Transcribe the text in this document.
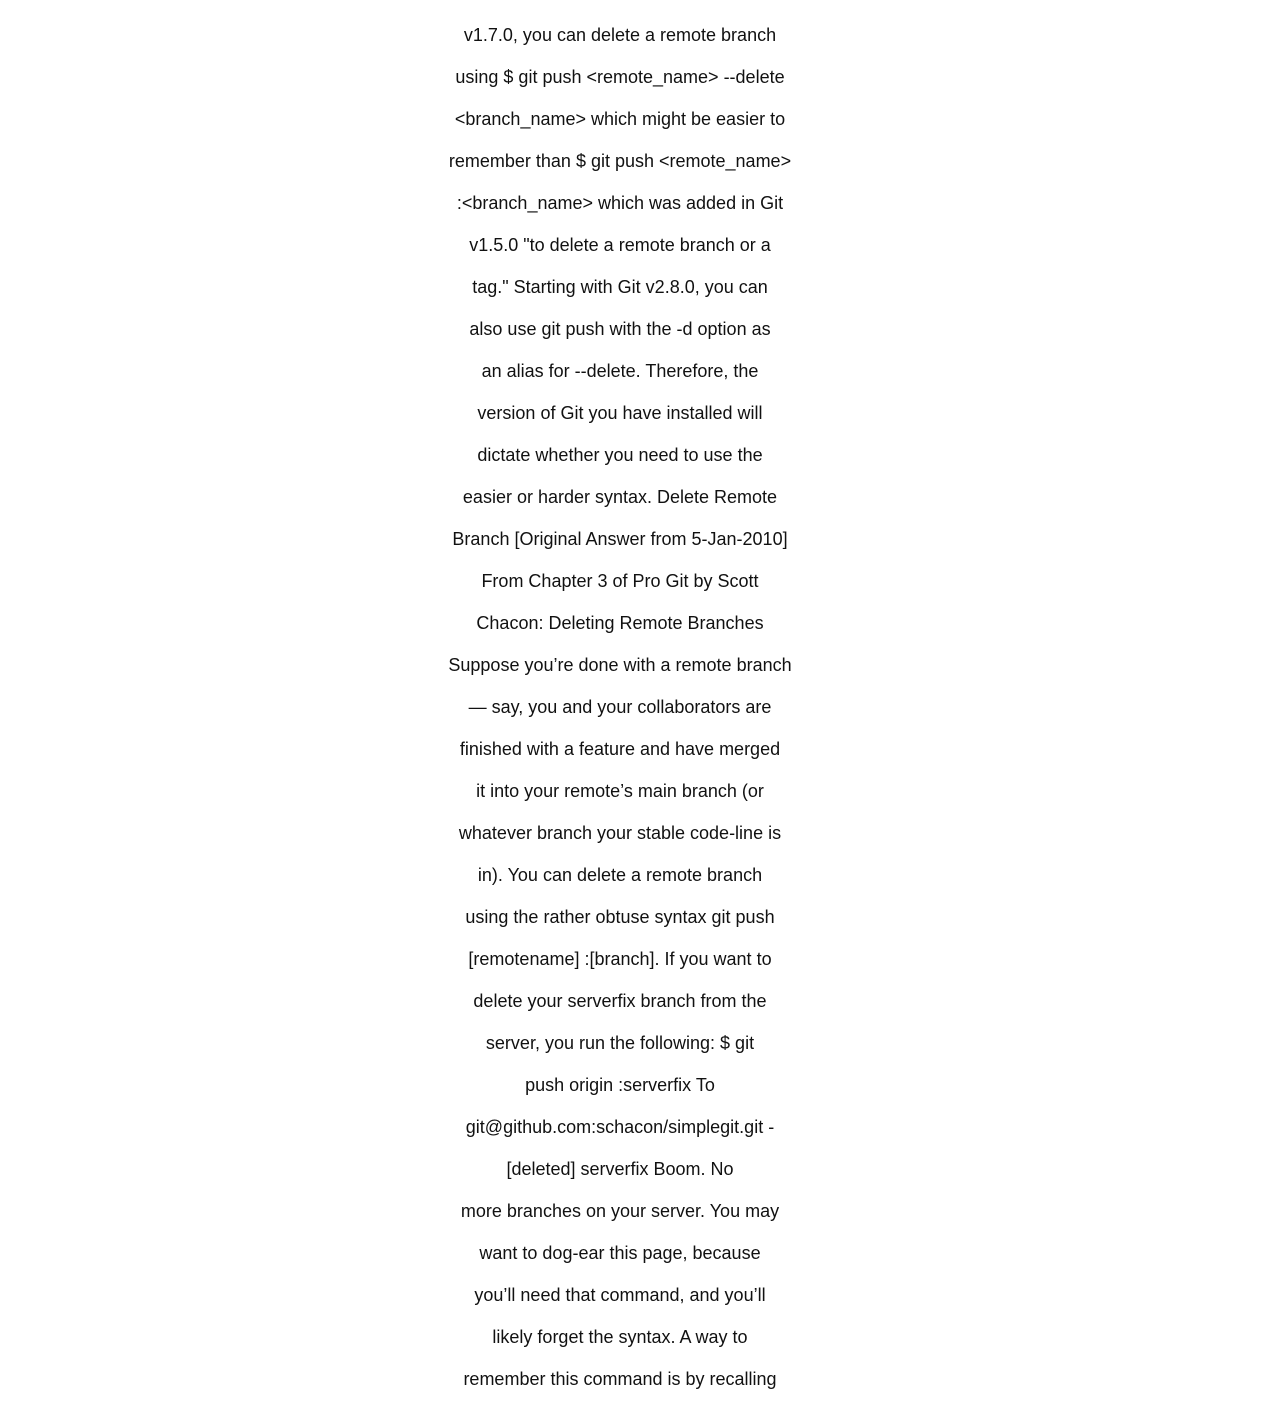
v1.7.0, you can delete a remote branch

using $ git push <remote_name> --delete

<branch_name> which might be easier to

remember than $ git push <remote_name>

:<branch_name> which was added in Git

v1.5.0 "to delete a remote branch or a

tag." Starting with Git v2.8.0, you can

also use git push with the -d option as

an alias for --delete. Therefore, the

version of Git you have installed will

dictate whether you need to use the

easier or harder syntax. Delete Remote

Branch [Original Answer from 5-Jan-2010]

From Chapter 3 of Pro Git by Scott

Chacon: Deleting Remote Branches

Suppose you’re done with a remote branch

— say, you and your collaborators are

finished with a feature and have merged

it into your remote’s main branch (or

whatever branch your stable code-line is

in). You can delete a remote branch

using the rather obtuse syntax git push

[remotename] :[branch]. If you want to

delete your serverfix branch from the

server, you run the following: $ git

push origin :serverfix To

git@github.com:schacon/simplegit.git -

[deleted] serverfix Boom. No

more branches on your server. You may

want to dog-ear this page, because

you’ll need that command, and you’ll

likely forget the syntax. A way to

remember this command is by recalling
